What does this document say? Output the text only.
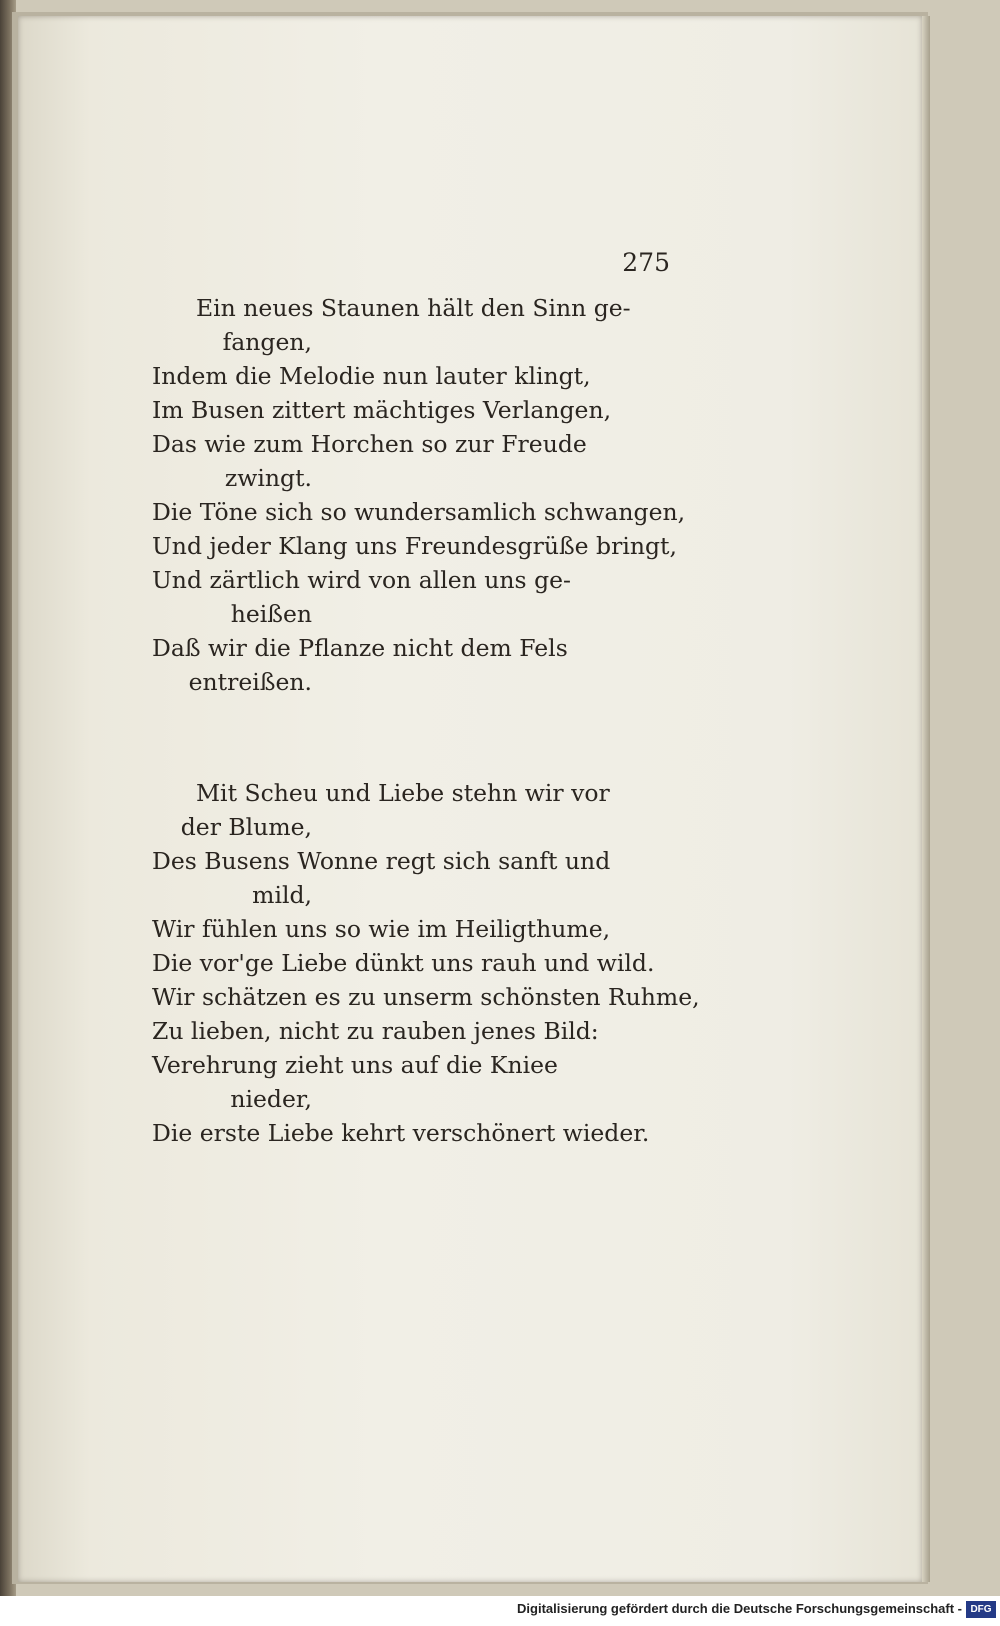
275
Ein neues Staunen hält den Sinn ge-
fangen,
Indem die Melodie nun lauter klingt,
Im Busen zittert mächtiges Verlangen,
Das wie zum Horchen so zur Freude
zwingt.
Die Töne sich so wundersamlich schwangen,
Und jeder Klang uns Freundesgrüße bringt,
Und zärtlich wird von allen uns ge-
heißen
Daß wir die Pflanze nicht dem Fels
entreißen.
Mit Scheu und Liebe stehn wir vor
der Blume,
Des Busens Wonne regt sich sanft und
mild,
Wir fühlen uns so wie im Heiligthume,
Die vor'ge Liebe dünkt uns rauh und wild.
Wir schätzen es zu unserm schönsten Ruhme,
Zu lieben, nicht zu rauben jenes Bild:
Verehrung zieht uns auf die Kniee
nieder,
Die erste Liebe kehrt verschönert wieder.
Digitalisierung gefördert durch die Deutsche Forschungsgemeinschaft - DFG
